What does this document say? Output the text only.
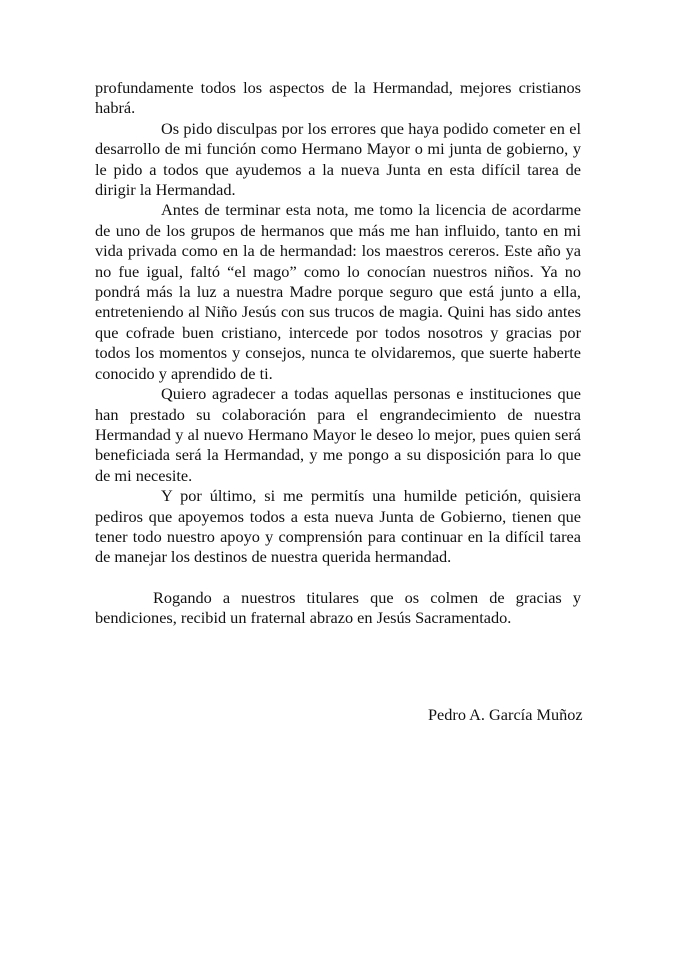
profundamente todos los aspectos de la Hermandad, mejores cristianos habrá.

Os pido disculpas por los errores que haya podido cometer en el desarrollo de mi función como Hermano Mayor o mi junta de gobierno, y le pido a todos que ayudemos a la nueva Junta en esta difícil tarea de dirigir la Hermandad.

Antes de terminar esta nota, me tomo la licencia de acordarme de uno de los grupos de hermanos que más me han influido, tanto en mi vida privada como en la de hermandad: los maestros cereros. Este año ya no fue igual, faltó “el mago” como lo conocían nuestros niños. Ya no pondrá más la luz a nuestra Madre porque seguro que está junto a ella, entreteniendo al Niño Jesús con sus trucos de magia. Quini has sido antes que cofrade buen cristiano, intercede por todos nosotros y gracias por todos los momentos y consejos, nunca te olvidaremos, que suerte haberte conocido y aprendido de ti.

Quiero agradecer a todas aquellas personas e instituciones que han prestado su colaboración para el engrandecimiento de nuestra Hermandad y al nuevo Hermano Mayor le deseo lo mejor, pues quien será beneficiada será la Hermandad, y me pongo a su disposición para lo que de mi necesite.

Y por último, si me permitís una humilde petición, quisiera pediros que apoyemos todos a esta nueva Junta de Gobierno, tienen que tener todo nuestro apoyo y comprensión para continuar en la difícil tarea de manejar los destinos de nuestra querida hermandad.

Rogando a nuestros titulares que os colmen de gracias y bendiciones, recibid un fraternal abrazo en Jesús Sacramentado.

Pedro A. García Muñoz
